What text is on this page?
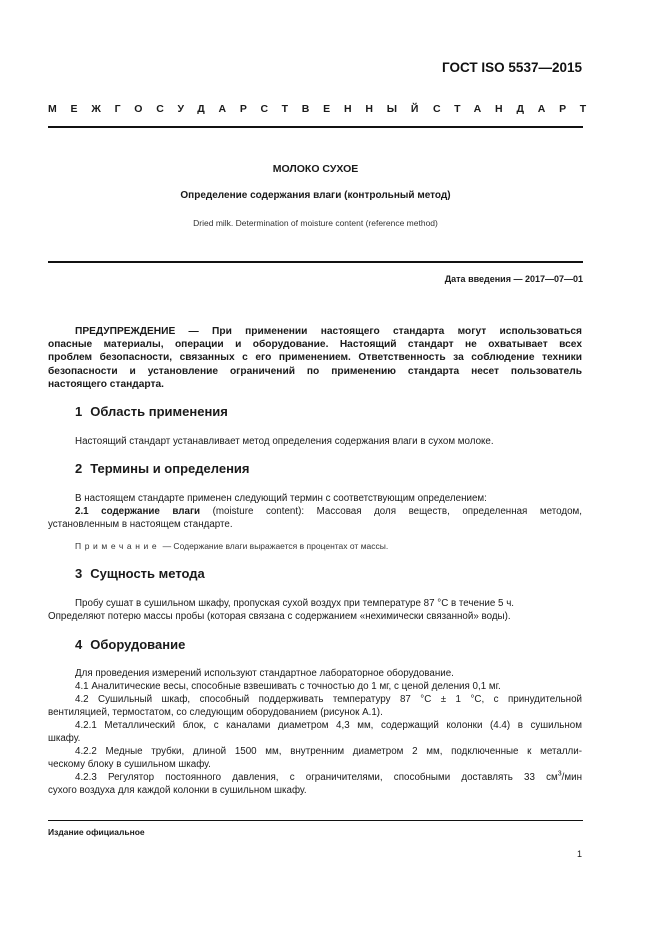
ГОСТ ISO 5537—2015
МЕЖГОСУДАРСТВЕННЫЙ СТАНДАРТ
МОЛОКО СУХОЕ
Определение содержания влаги (контрольный метод)
Dried milk. Determination of moisture content (reference method)
Дата введения — 2017—07—01
ПРЕДУПРЕЖДЕНИЕ — При применении настоящего стандарта могут использоваться
опасные материалы, операции и оборудование. Настоящий стандарт не охватывает всех
проблем безопасности, связанных с его применением. Ответственность за соблюдение техники
безопасности и установление ограничений по применению стандарта несет пользователь
настоящего стандарта.
1 Область применения
Настоящий стандарт устанавливает метод определения содержания влаги в сухом молоке.
2 Термины и определения
В настоящем стандарте применен следующий термин с соответствующим определением:
2.1 содержание влаги (moisture content): Массовая доля веществ, определенная методом,
установленным в настоящем стандарте.
Примечание — Содержание влаги выражается в процентах от массы.
3 Сущность метода
Пробу сушат в сушильном шкафу, пропуская сухой воздух при температуре 87 °C в течение 5 ч.
Определяют потерю массы пробы (которая связана с содержанием «нехимически связанной» воды).
4 Оборудование
Для проведения измерений используют стандартное лабораторное оборудование.
4.1 Аналитические весы, способные взвешивать с точностью до 1 мг, с ценой деления 0,1 мг.
4.2 Сушильный шкаф, способный поддерживать температуру 87 °C ± 1 °C, с принудительной
вентиляцией, термостатом, со следующим оборудованием (рисунок А.1).
4.2.1 Металлический блок, с каналами диаметром 4,3 мм, содержащий колонки (4.4) в сушильном
шкафу.
4.2.2 Медные трубки, длиной 1500 мм, внутренним диаметром 2 мм, подключенные к металли-
ческому блоку в сушильном шкафу.
4.2.3 Регулятор постоянного давления, с ограничителями, способными доставлять 33 $см^3$/мин
сухого воздуха для каждой колонки в сушильном шкафу.
Издание официальное
1
